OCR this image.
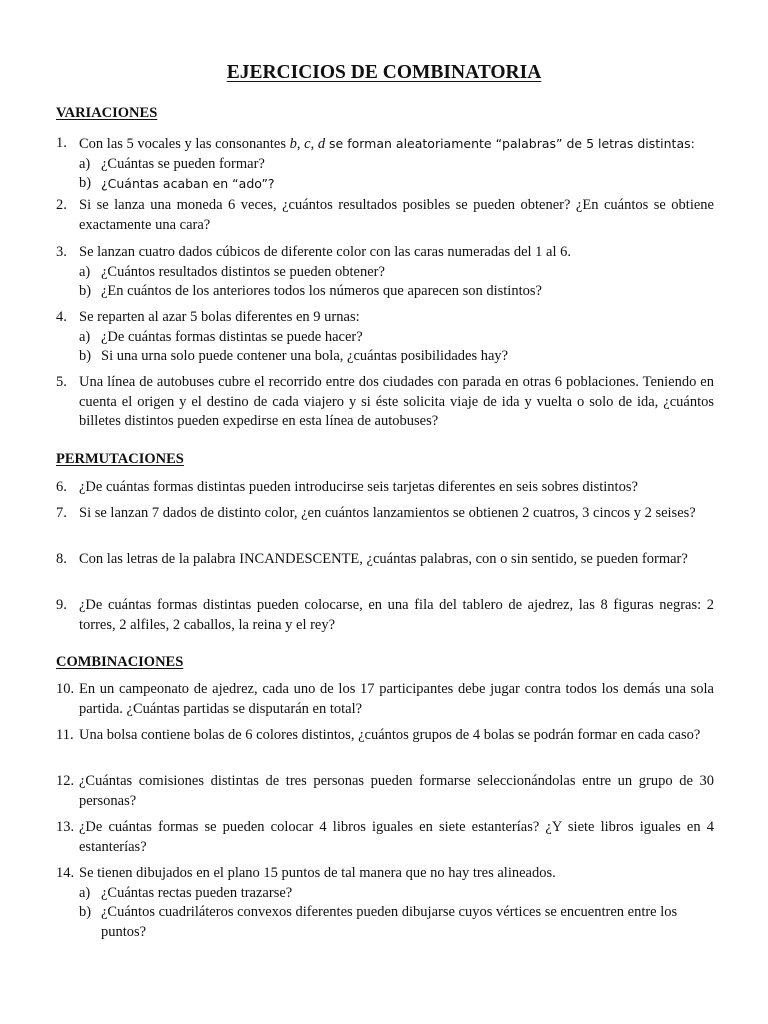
EJERCICIOS DE COMBINATORIA
VARIACIONES
1. Con las 5 vocales y las consonantes b, c, d se forman aleatoriamente “palabras” de 5 letras distintas:
a) ¿Cuántas se pueden formar?
b) ¿Cuántas acaban en “ado”?
2. Si se lanza una moneda 6 veces, ¿cuántos resultados posibles se pueden obtener? ¿En cuántos se obtiene exactamente una cara?
3. Se lanzan cuatro dados cúbicos de diferente color con las caras numeradas del 1 al 6.
a) ¿Cuántos resultados distintos se pueden obtener?
b) ¿En cuántos de los anteriores todos los números que aparecen son distintos?
4. Se reparten al azar 5 bolas diferentes en 9 urnas:
a) ¿De cuántas formas distintas se puede hacer?
b) Si una urna solo puede contener una bola, ¿cuántas posibilidades hay?
5. Una línea de autobuses cubre el recorrido entre dos ciudades con parada en otras 6 poblaciones. Teniendo en cuenta el origen y el destino de cada viajero y si éste solicita viaje de ida y vuelta o solo de ida, ¿cuántos billetes distintos pueden expedirse en esta línea de autobuses?
PERMUTACIONES
6. ¿De cuántas formas distintas pueden introducirse seis tarjetas diferentes en seis sobres distintos?
7. Si se lanzan 7 dados de distinto color, ¿en cuántos lanzamientos se obtienen 2 cuatros, 3 cincos y 2 seises?
8. Con las letras de la palabra INCANDESCENTE, ¿cuántas palabras, con o sin sentido, se pueden formar?
9. ¿De cuántas formas distintas pueden colocarse, en una fila del tablero de ajedrez, las 8 figuras negras: 2 torres, 2 alfiles, 2 caballos, la reina y el rey?
COMBINACIONES
10. En un campeonato de ajedrez, cada uno de los 17 participantes debe jugar contra todos los demás una sola partida. ¿Cuántas partidas se disputarán en total?
11. Una bolsa contiene bolas de 6 colores distintos, ¿cuántos grupos de 4 bolas se podrán formar en cada caso?
12. ¿Cuántas comisiones distintas de tres personas pueden formarse seleccionándolas entre un grupo de 30 personas?
13. ¿De cuántas formas se pueden colocar 4 libros iguales en siete estanterías? ¿Y siete libros iguales en 4 estanterías?
14. Se tienen dibujados en el plano 15 puntos de tal manera que no hay tres alineados.
a) ¿Cuántas rectas pueden trazarse?
b) ¿Cuántos cuadriláteros convexos diferentes pueden dibujarse cuyos vértices se encuentren entre los puntos?
